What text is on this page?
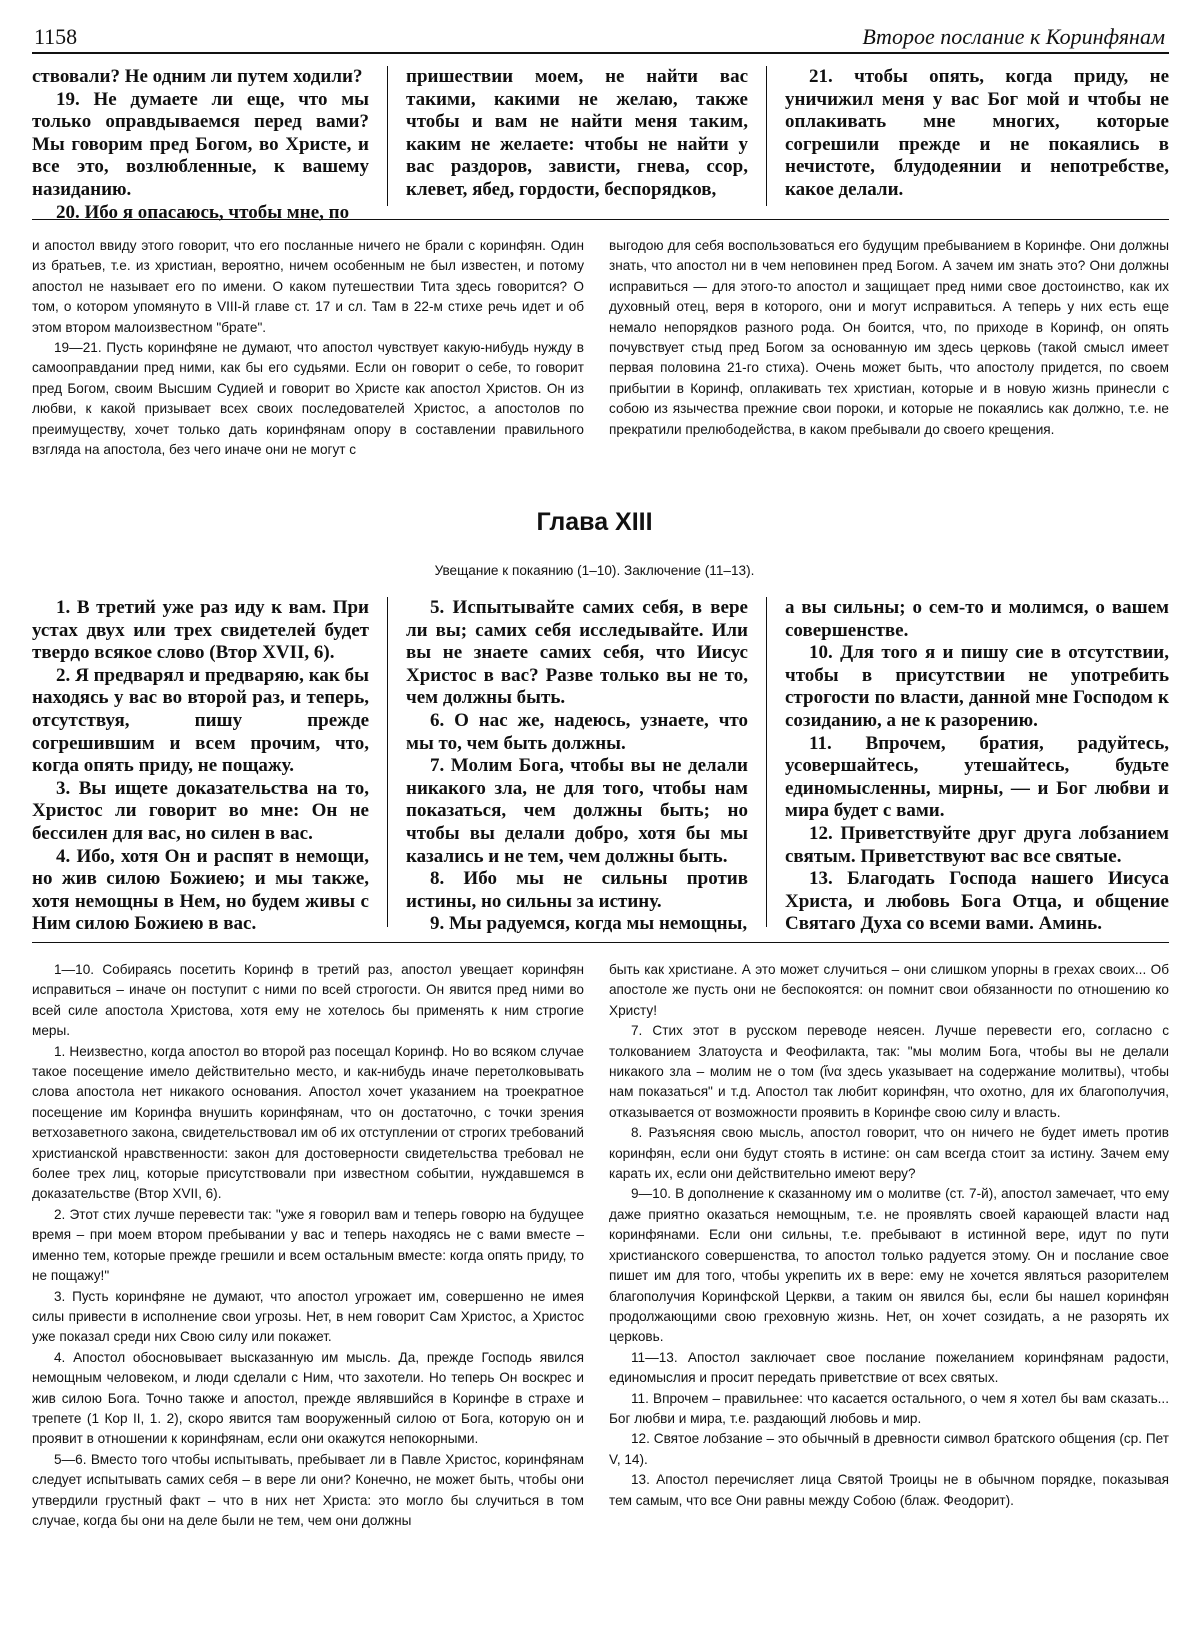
1158	Второе послание к Коринфянам

ствовали? Не одним ли путем ходили?

19. Не думаете ли еще, что мы только оправдываемся перед вами? Мы говорим пред Богом, во Христе, и все это, возлюбленные, к вашему назиданию.

20. Ибо я опасаюсь, чтобы мне, по

пришествии моем, не найти вас такими, какими не желаю, также чтобы и вам не найти меня таким, каким не желаете: чтобы не найти у вас раздоров, зависти, гнева, ссор, клевет, ябед, гордости, беспорядков,

21. чтобы опять, когда приду, не уничижил меня у вас Бог мой и чтобы не оплакивать мне многих, которые согрешили прежде и не покаялись в нечистоте, блудодеянии и непотребстве, какое делали.

и апостол ввиду этого говорит, что его посланные ничего не брали с коринфян. Один из братьев, т.е. из христиан, вероятно, ничем особенным не был известен, и потому апостол не называет его по имени. О каком путешествии Тита здесь говорится? О том, о котором упомянуто в VIII-й главе ст. 17 и сл. Там в 22-м стихе речь идет и об этом втором малоизвестном "брате".

19—21. Пусть коринфяне не думают, что апостол чувствует какую-нибудь нужду в самооправдании пред ними, как бы его судьями. Если он говорит о себе, то говорит пред Богом, своим Высшим Судией и говорит во Христе как апостол Христов. Он из любви, к какой призывает всех своих последователей Христос, а апостолов по преимуществу, хочет только дать коринфянам опору в составлении правильного взгляда на апостола, без чего иначе они не могут с

выгодою для себя воспользоваться его будущим пребыванием в Коринфе. Они должны знать, что апостол ни в чем неповинен пред Богом. А зачем им знать это? Они должны исправиться — для этого-то апостол и защищает пред ними свое достоинство, как их духовный отец, веря в которого, они и могут исправиться. А теперь у них есть еще немало непорядков разного рода. Он боится, что, по приходе в Коринф, он опять почувствует стыд пред Богом за основанную им здесь церковь (такой смысл имеет первая половина 21-го стиха). Очень может быть, что апостолу придется, по своем прибытии в Коринф, оплакивать тех христиан, которые и в новую жизнь принесли с собою из язычества прежние свои пороки, и которые не покаялись как должно, т.е. не прекратили прелюбодейства, в каком пребывали до своего крещения.

Глава XIII
Увещание к покаянию (1–10). Заключение (11–13).

1. В третий уже раз иду к вам. При устах двух или трех свидетелей будет твердо всякое слово (Втор XVII, 6).

2. Я предварял и предваряю, как бы находясь у вас во второй раз, и теперь, отсутствуя, пишу прежде согрешившим и всем прочим, что, когда опять приду, не пощажу.

3. Вы ищете доказательства на то, Христос ли говорит во мне: Он не бессилен для вас, но силен в вас.

4. Ибо, хотя Он и распят в немощи, но жив силою Божиею; и мы также, хотя немощны в Нем, но будем живы с Ним силою Божиею в вас.

5. Испытывайте самих себя, в вере ли вы; самих себя исследывайте. Или вы не знаете самих себя, что Иисус Христос в вас? Разве только вы не то, чем должны быть.

6. О нас же, надеюсь, узнаете, что мы то, чем быть должны.

7. Молим Бога, чтобы вы не делали никакого зла, не для того, чтобы нам показаться, чем должны быть; но чтобы вы делали добро, хотя бы мы казались и не тем, чем должны быть.

8. Ибо мы не сильны против истины, но сильны за истину.

9. Мы радуемся, когда мы немощны,

а вы сильны; о сем-то и молимся, о вашем совершенстве.

10. Для того я и пишу сие в отсутствии, чтобы в присутствии не употребить строгости по власти, данной мне Господом к созиданию, а не к разорению.

11. Впрочем, братия, радуйтесь, усовершайтесь, утешайтесь, будьте единомысленны, мирны, — и Бог любви и мира будет с вами.

12. Приветствуйте друг друга лобзанием святым. Приветствуют вас все святые.

13. Благодать Господа нашего Иисуса Христа, и любовь Бога Отца, и общение Святаго Духа со всеми вами. Аминь.

1—10. Собираясь посетить Коринф в третий раз, апостол увещает коринфян исправиться – иначе он поступит с ними по всей строгости. Он явится пред ними во всей силе апостола Христова, хотя ему не хотелось бы применять к ним строгие меры.

1. Неизвестно, когда апостол во второй раз посещал Коринф. Но во всяком случае такое посещение имело действительно место, и как-нибудь иначе перетолковывать слова апостола нет никакого основания. Апостол хочет указанием на троекратное посещение им Коринфа внушить коринфянам, что он достаточно, с точки зрения ветхозаветного закона, свидетельствовал им об их отступлении от строгих требований христианской нравственности: закон для достоверности свидетельства требовал не более трех лиц, которые присутствовали при известном событии, нуждавшемся в доказательстве (Втор XVII, 6).

2. Этот стих лучше перевести так: "уже я говорил вам и теперь говорю на будущее время – при моем втором пребывании у вас и теперь находясь не с вами вместе – именно тем, которые прежде грешили и всем остальным вместе: когда опять приду, то не пощажу!"

3. Пусть коринфяне не думают, что апостол угрожает им, совершенно не имея силы привести в исполнение свои угрозы. Нет, в нем говорит Сам Христос, а Христос уже показал среди них Свою силу или покажет.

4. Апостол обосновывает высказанную им мысль. Да, прежде Господь явился немощным человеком, и люди сделали с Ним, что захотели. Но теперь Он воскрес и жив силою Бога. Точно также и апостол, прежде являвшийся в Коринфе в страхе и трепете (1 Кор II, 1. 2), скоро явится там вооруженный силою от Бога, которую он и проявит в отношении к коринфянам, если они окажутся непокорными.

5—6. Вместо того чтобы испытывать, пребывает ли в Павле Христос, коринфянам следует испытывать самих себя – в вере ли они? Конечно, не может быть, чтобы они утвердили грустный факт – что в них нет Христа: это могло бы случиться в том случае, когда бы они на деле были не тем, чем они должны

быть как христиане. А это может случиться – они слишком упорны в грехах своих... Об апостоле же пусть они не беспокоятся: он помнит свои обязанности по отношению ко Христу!

7. Стих этот в русском переводе неясен. Лучше перевести его, согласно с толкованием Златоуста и Феофилакта, так: "мы молим Бога, чтобы вы не делали никакого зла – молим не о том (ἵνα здесь указывает на содержание молитвы), чтобы нам показаться" и т.д. Апостол так любит коринфян, что охотно, для их благополучия, отказывается от возможности проявить в Коринфе свою силу и власть.

8. Разъясняя свою мысль, апостол говорит, что он ничего не будет иметь против коринфян, если они будут стоять в истине: он сам всегда стоит за истину. Зачем ему карать их, если они действительно имеют веру?

9—10. В дополнение к сказанному им о молитве (ст. 7-й), апостол замечает, что ему даже приятно оказаться немощным, т.е. не проявлять своей карающей власти над коринфянами. Если они сильны, т.е. пребывают в истинной вере, идут по пути христианского совершенства, то апостол только радуется этому. Он и послание свое пишет им для того, чтобы укрепить их в вере: ему не хочется являться разорителем благополучия Коринфской Церкви, а таким он явился бы, если бы нашел коринфян продолжающими свою греховную жизнь. Нет, он хочет созидать, а не разорять их церковь.

11—13. Апостол заключает свое послание пожеланием коринфянам радости, единомыслия и просит передать приветствие от всех святых.

11. Впрочем – правильнее: что касается остального, о чем я хотел бы вам сказать... Бог любви и мира, т.е. раздающий любовь и мир.

12. Святое лобзание – это обычный в древности символ братского общения (ср. Пет V, 14).

13. Апостол перечисляет лица Святой Троицы не в обычном порядке, показывая тем самым, что все Они равны между Собою (блаж. Феодорит).
